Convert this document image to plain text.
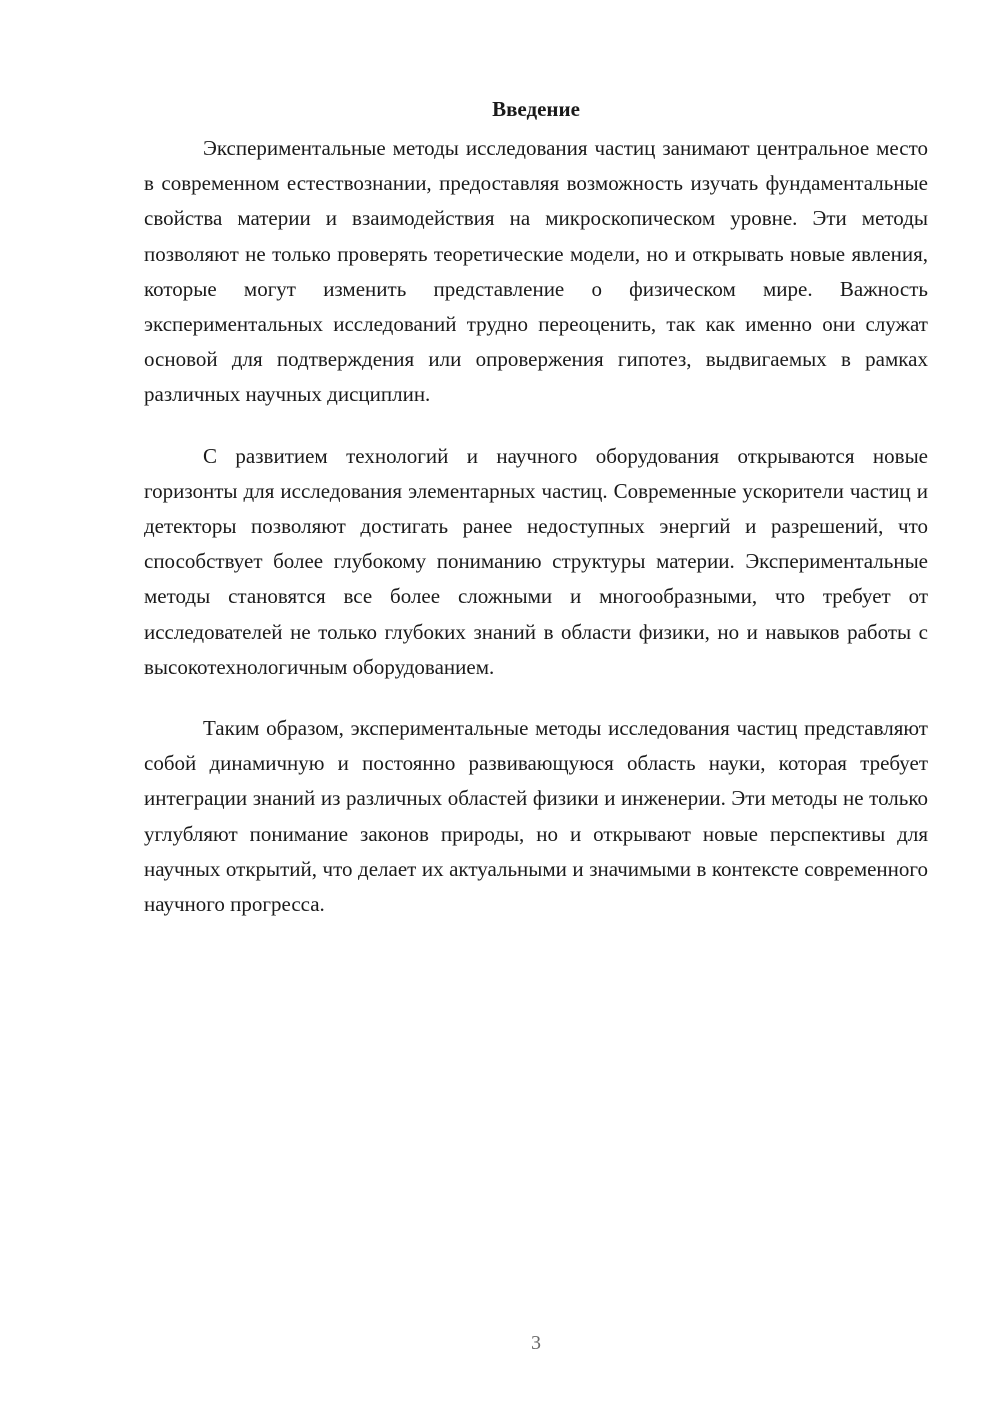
Введение

Экспериментальные методы исследования частиц занимают центральное место в современном естествознании, предоставляя возможность изучать фундаментальные свойства материи и взаимодействия на микроскопическом уровне. Эти методы позволяют не только проверять теоретические модели, но и открывать новые явления, которые могут изменить представление о физическом мире. Важность экспериментальных исследований трудно переоценить, так как именно они служат основой для подтверждения или опровержения гипотез, выдвигаемых в рамках различных научных дисциплин.

С развитием технологий и научного оборудования открываются новые горизонты для исследования элементарных частиц. Современные ускорители частиц и детекторы позволяют достигать ранее недоступных энергий и разрешений, что способствует более глубокому пониманию структуры материи. Экспериментальные методы становятся все более сложными и многообразными, что требует от исследователей не только глубоких знаний в области физики, но и навыков работы с высокотехнологичным оборудованием.

Таким образом, экспериментальные методы исследования частиц представляют собой динамичную и постоянно развивающуюся область науки, которая требует интеграции знаний из различных областей физики и инженерии. Эти методы не только углубляют понимание законов природы, но и открывают новые перспективы для научных открытий, что делает их актуальными и значимыми в контексте современного научного прогресса.

3
